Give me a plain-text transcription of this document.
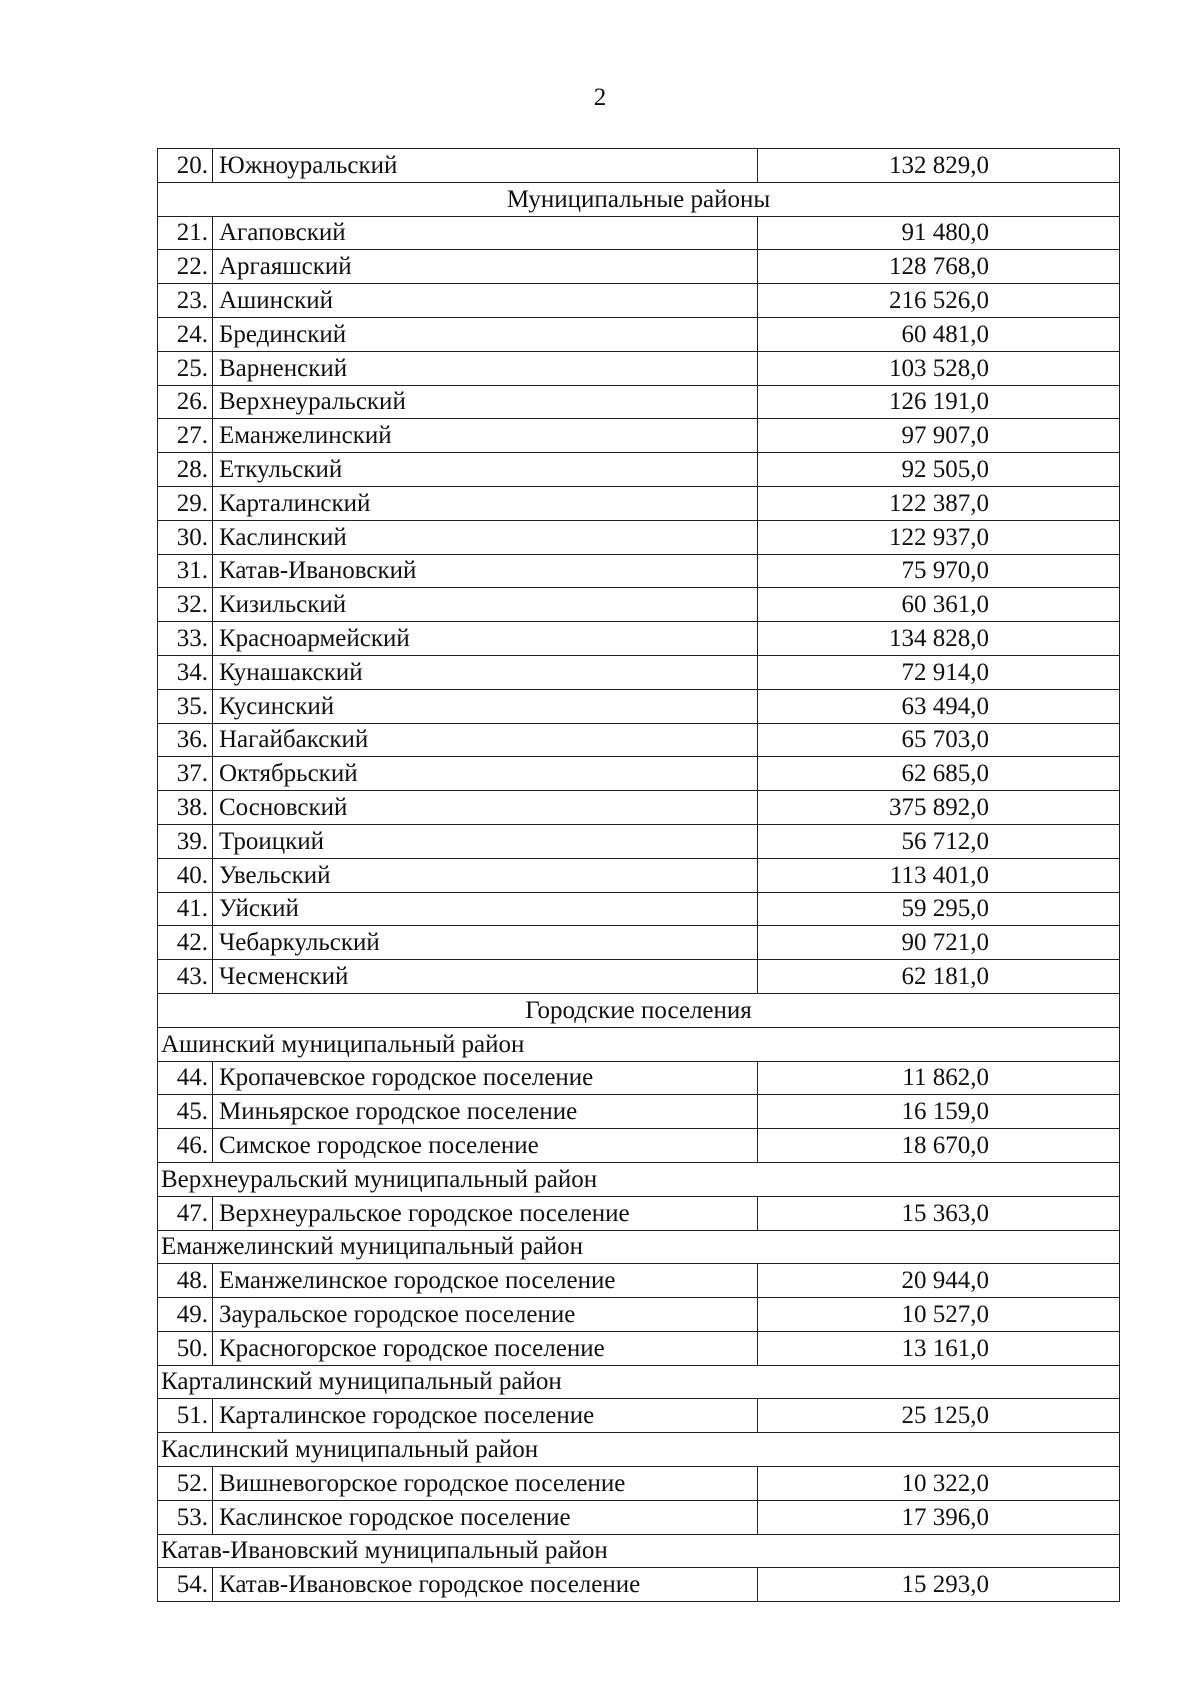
2
20.	Южноуральский	132 829,0
Муниципальные районы		
21.	Агаповский	91 480,0
22.	Аргаяшский	128 768,0
23.	Ашинский	216 526,0
24.	Брединский	60 481,0
25.	Варненский	103 528,0
26.	Верхнеуральский	126 191,0
27.	Еманжелинский	97 907,0
28.	Еткульский	92 505,0
29.	Карталинский	122 387,0
30.	Каслинский	122 937,0
31.	Катав-Ивановский	75 970,0
32.	Кизильский	60 361,0
33.	Красноармейский	134 828,0
34.	Кунашакский	72 914,0
35.	Кусинский	63 494,0
36.	Нагайбакский	65 703,0
37.	Октябрьский	62 685,0
38.	Сосновский	375 892,0
39.	Троицкий	56 712,0
40.	Увельский	113 401,0
41.	Уйский	59 295,0
42.	Чебаркульский	90 721,0
43.	Чесменский	62 181,0
Городские поселения		
Ашинский муниципальный район		
44.	Кропачевское городское поселение	11 862,0
45.	Миньярское городское поселение	16 159,0
46.	Симское городское поселение	18 670,0
Верхнеуральский муниципальный район		
47.	Верхнеуральское городское поселение	15 363,0
Еманжелинский муниципальный район		
48.	Еманжелинское городское поселение	20 944,0
49.	Зауральское городское поселение	10 527,0
50.	Красногорское городское поселение	13 161,0
Карталинский муниципальный район		
51.	Карталинское городское поселение	25 125,0
Каслинский муниципальный район		
52.	Вишневогорское городское поселение	10 322,0
53.	Каслинское городское поселение	17 396,0
Катав-Ивановский муниципальный район		
54.	Катав-Ивановское городское поселение	15 293,0
